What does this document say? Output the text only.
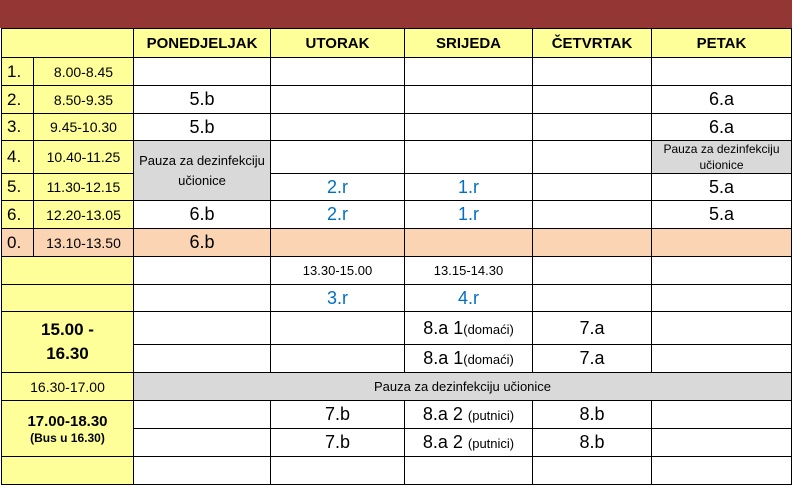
		PONEDJELJAK	UTORAK	SRIJEDA	ČETVRTAK	PETAK
1.	8.00-8.45					
2.	8.50-9.35	5.b				6.a
3.	9.45-10.30	5.b				6.a
4.	10.40-11.25	Pauza za dezinfekciju učionice				Pauza za dezinfekciju učionice
5.	11.30-12.15		2.r	1.r		5.a
6.	12.20-13.05	6.b	2.r	1.r		5.a
0.	13.10-13.50	6.b				
			13.30-15.00	13.15-14.30		
			3.r	4.r		

15.00 -
16.30				8.a 1(domaći)	7.a	
				8.a 1(domaći)	7.a	
16.30-17.00		Pauza za dezinfekciju učionice				

17.00-18.30
(Bus u 16.30)			7.b	8.a 2 (putnici)	8.b	
			7.b	8.a 2 (putnici)	8.b	
